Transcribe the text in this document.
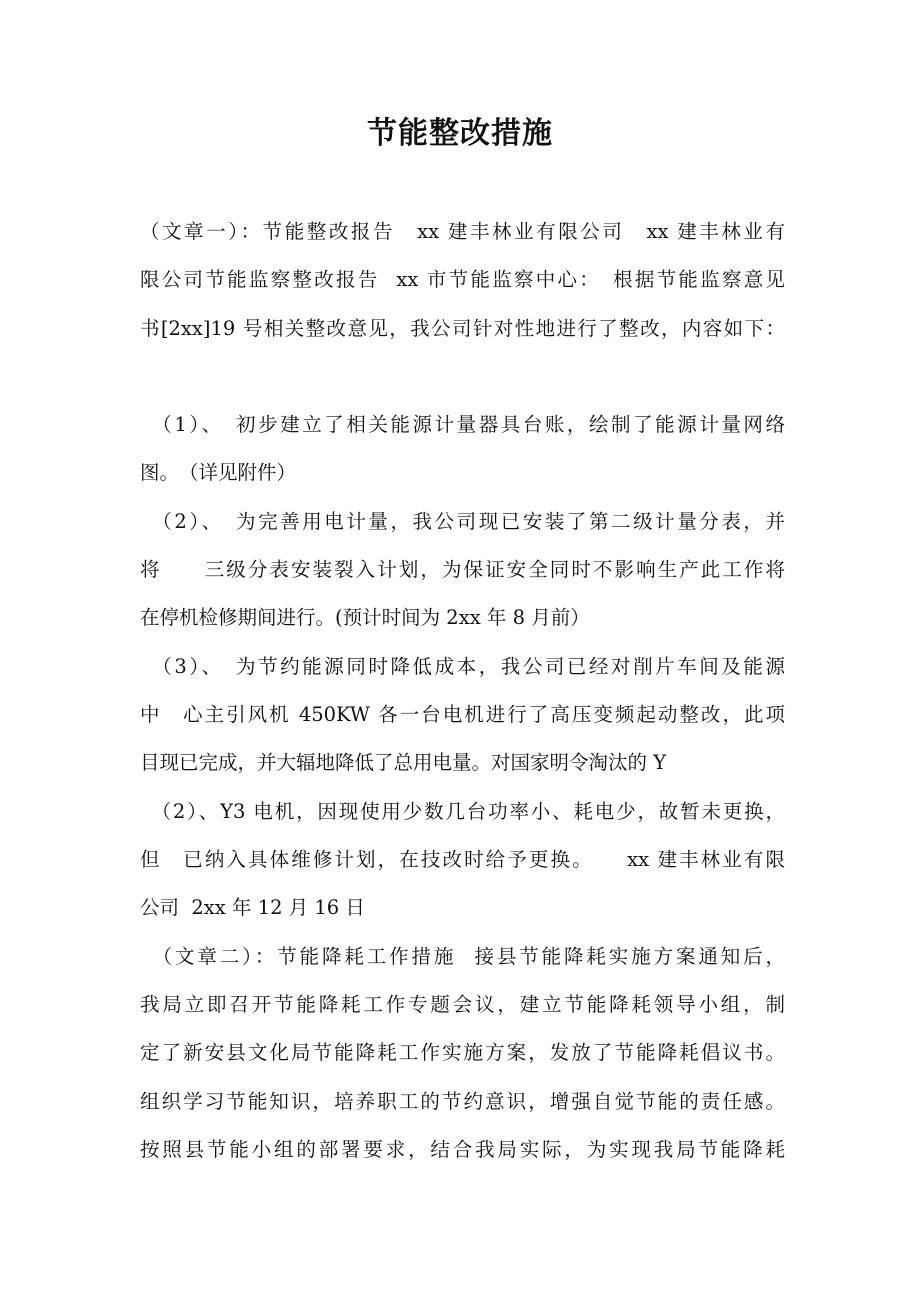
节能整改措施
（文章一）：节能整改报告　xx 建丰林业有限公司　xx 建丰林业有
限公司节能监察整改报告  xx 市节能监察中心：　根据节能监察意见
书[2xx]19 号相关整改意见，我公司针对性地进行了整改，内容如下：
　（1）、　初步建立了相关能源计量器具台账，绘制了能源计量网络
图。　（详见附件）
　（2）、　为完善用电计量，我公司现已安装了第二级计量分表，并
将　　三级分表安装裂入计划，为保证安全同时不影响生产此工作将
在停机检修期间进行。(预计时间为 2xx 年 8 月前）
　（3）、　为节约能源同时降低成本，我公司已经对削片车间及能源
中　心主引风机 450KW 各一台电机进行了高压变频起动整改，此项
目现已完成，并大辐地降低了总用电量。对国家明令淘汰的 Y
　（2）、Y3 电机，因现使用少数几台功率小、耗电少，故暂未更换，
但　已纳入具体维修计划，在技改时给予更换。　　xx 建丰林业有限
公司  2xx 年 12 月 16 日
　（文章二）：节能降耗工作措施  接县节能降耗实施方案通知后，
我局立即召开节能降耗工作专题会议，建立节能降耗领导小组，制
定了新安县文化局节能降耗工作实施方案，发放了节能降耗倡议书。
组织学习节能知识，培养职工的节约意识，增强自觉节能的责任感。
按照县节能小组的部署要求，结合我局实际，为实现我局节能降耗
